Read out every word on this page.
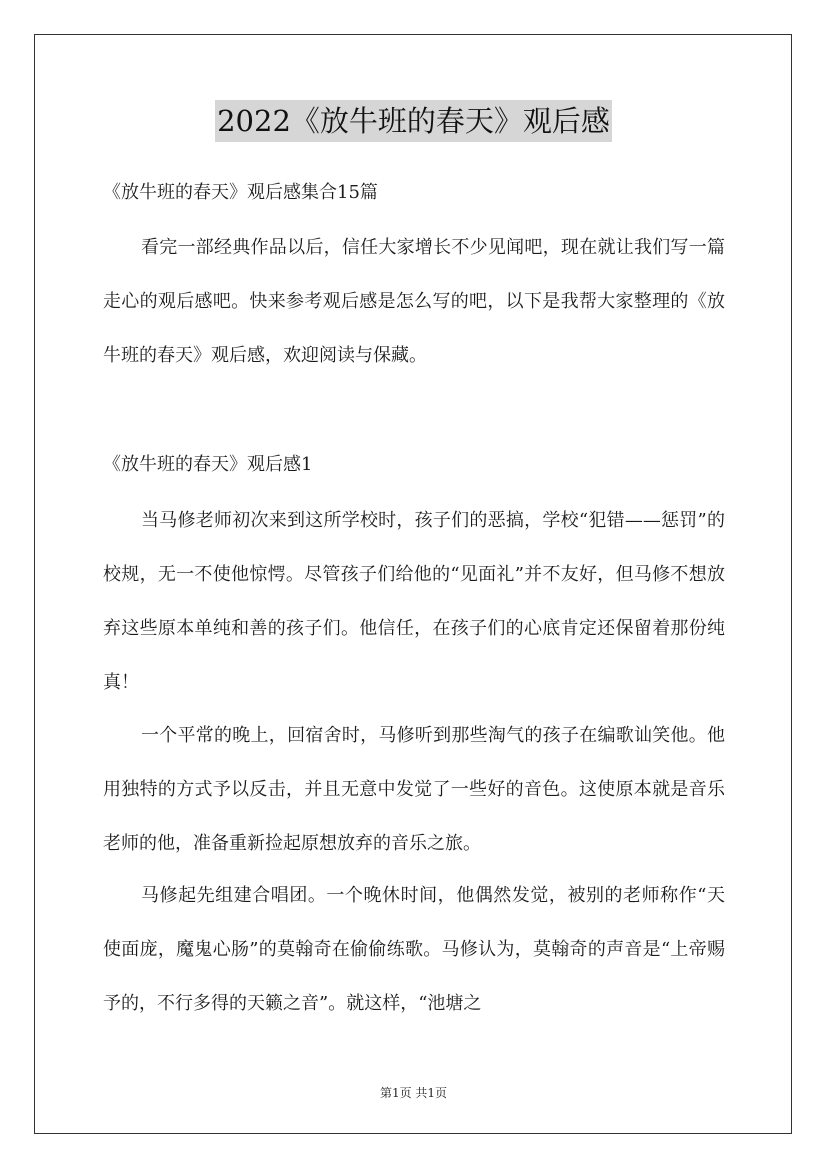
2022《放牛班的春天》观后感
《放牛班的春天》观后感集合15篇

看完一部经典作品以后，信任大家增长不少见闻吧，现在就让我们写一篇走心的观后感吧。快来参考观后感是怎么写的吧，以下是我帮大家整理的《放牛班的春天》观后感，欢迎阅读与保藏。

《放牛班的春天》观后感1

当马修老师初次来到这所学校时，孩子们的恶搞，学校“犯错——惩罚”的校规，无一不使他惊愕。尽管孩子们给他的“见面礼”并不友好，但马修不想放弃这些原本单纯和善的孩子们。他信任，在孩子们的心底肯定还保留着那份纯真！

一个平常的晚上，回宿舍时，马修听到那些淘气的孩子在编歌讪笑他。他用独特的方式予以反击，并且无意中发觉了一些好的音色。这使原本就是音乐老师的他，准备重新捡起原想放弃的音乐之旅。

马修起先组建合唱团。一个晚休时间，他偶然发觉，被别的老师称作“天使面庞，魔鬼心肠”的莫翰奇在偷偷练歌。马修认为，莫翰奇的声音是“上帝赐予的，不行多得的天籁之音”。就这样，“池塘之

第1页 共1页
